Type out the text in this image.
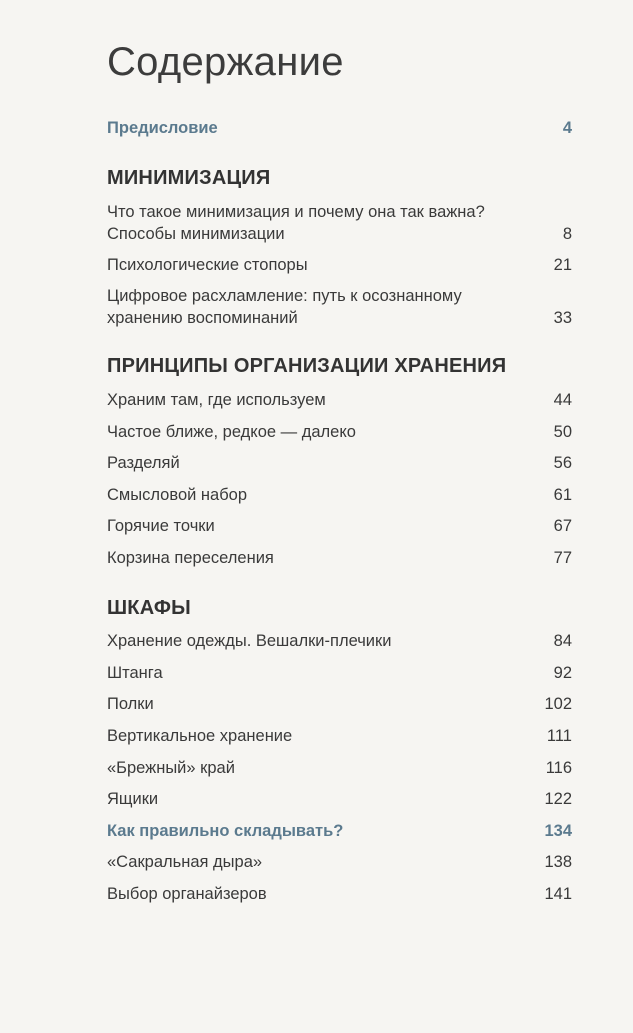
Содержание
Предисловие	4
МИНИМИЗАЦИЯ
Что такое минимизация и почему она так важна?
Способы минимизации	8
Психологические стопоры	21
Цифровое расхламление: путь к осознанному
хранению воспоминаний	33
ПРИНЦИПЫ ОРГАНИЗАЦИИ ХРАНЕНИЯ
Храним там, где используем	44
Частое ближе, редкое — далеко	50
Разделяй	56
Смысловой набор	61
Горячие точки	67
Корзина переселения	77
ШКАФЫ
Хранение одежды. Вешалки-плечики	84
Штанга	92
Полки	102
Вертикальное хранение	111
«Брежный» край	116
Ящики	122
Как правильно складывать?	134
«Сакральная дыра»	138
Выбор органайзеров	141
